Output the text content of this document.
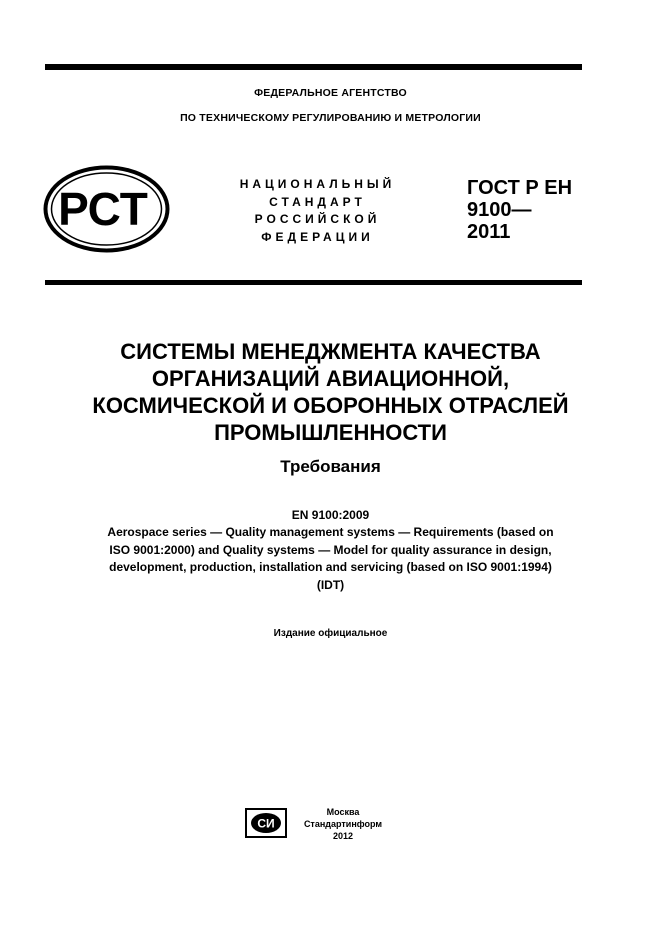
ФЕДЕРАЛЬНОЕ АГЕНТСТВО
ПО ТЕХНИЧЕСКОМУ РЕГУЛИРОВАНИЮ И МЕТРОЛОГИИ
РСТ	НАЦИОНАЛЬНЫЙ
СТАНДАРТ
РОССИЙСКОЙ
ФЕДЕРАЦИИ
ГОСТ Р ЕН
9100—
2011
СИСТЕМЫ МЕНЕДЖМЕНТА КАЧЕСТВА
ОРГАНИЗАЦИЙ АВИАЦИОННОЙ,
КОСМИЧЕСКОЙ И ОБОРОННЫХ ОТРАСЛЕЙ
ПРОМЫШЛЕННОСТИ
Требования
EN 9100:2009
Aerospace series — Quality management systems — Requirements (based on
ISO 9001:2000) and Quality systems — Model for quality assurance in design,
development, production, installation and servicing (based on ISO 9001:1994)
(IDT)
Издание официальное
СИ
Москва
Стандартинформ
2012
